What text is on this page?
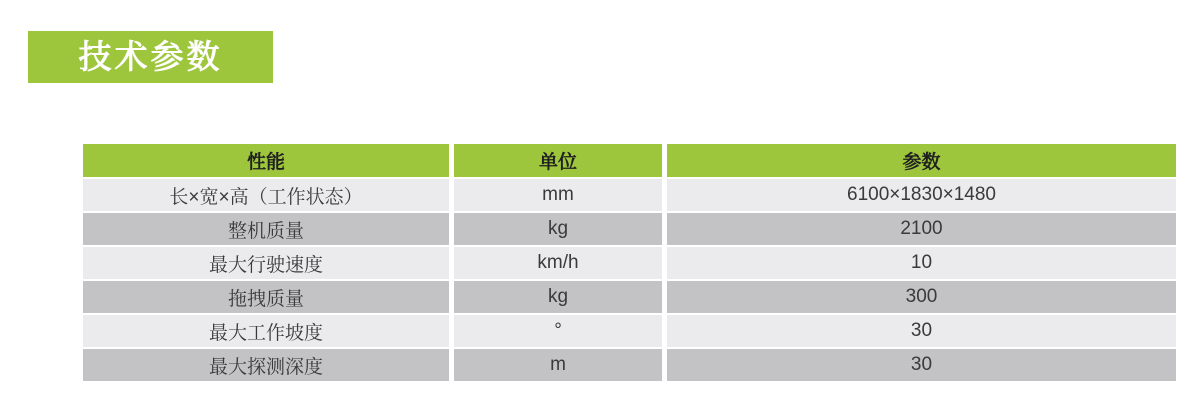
技术参数
性能	单位	参数
长×宽×高（工作状态）	mm	6100×1830×1480
整机质量	kg	2100
最大行驶速度	km/h	10
拖拽质量	kg	300
最大工作坡度	°	30
最大探测深度	m	30
